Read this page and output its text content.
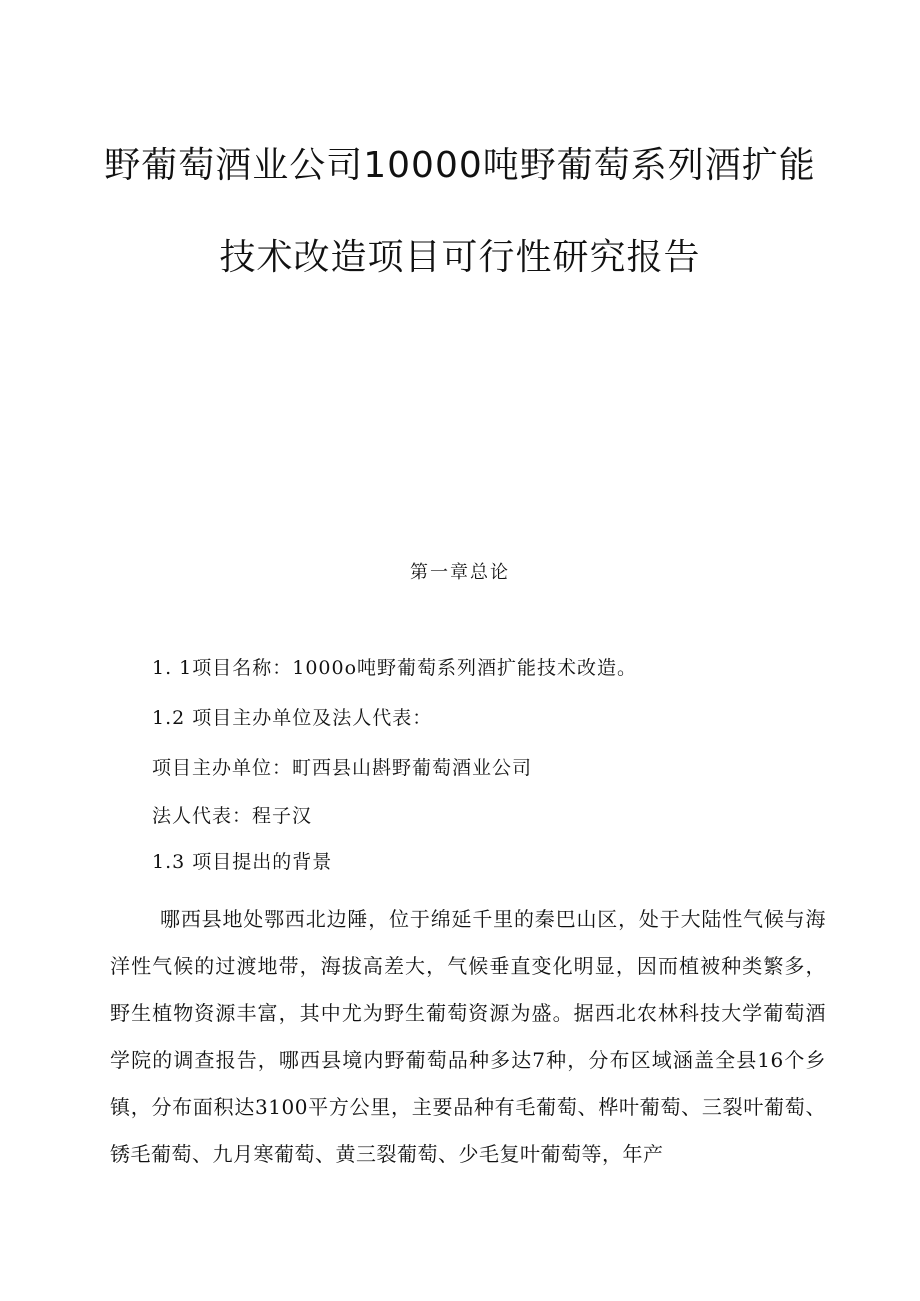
野葡萄酒业公司10000吨野葡萄系列酒扩能
技术改造项目可行性研究报告
第一章总论
1. 1项目名称：1000o吨野葡萄系列酒扩能技术改造。
1.2 项目主办单位及法人代表：
项目主办单位：町西县山斟野葡萄酒业公司
法人代表：程子汉
1.3 项目提出的背景
哪西县地处鄂西北边陲，位于绵延千里的秦巴山区，处于大陆性气候与海洋性气候的过渡地带，海拔高差大，气候垂直变化明显，因而植被种类繁多，野生植物资源丰富，其中尤为野生葡萄资源为盛。据西北农林科技大学葡萄酒学院的调查报告，哪西县境内野葡萄品种多达7种，分布区域涵盖全县16个乡镇，分布面积达3100平方公里，主要品种有毛葡萄、桦叶葡萄、三裂叶葡萄、锈毛葡萄、九月寒葡萄、黄三裂葡萄、少毛复叶葡萄等，年产
